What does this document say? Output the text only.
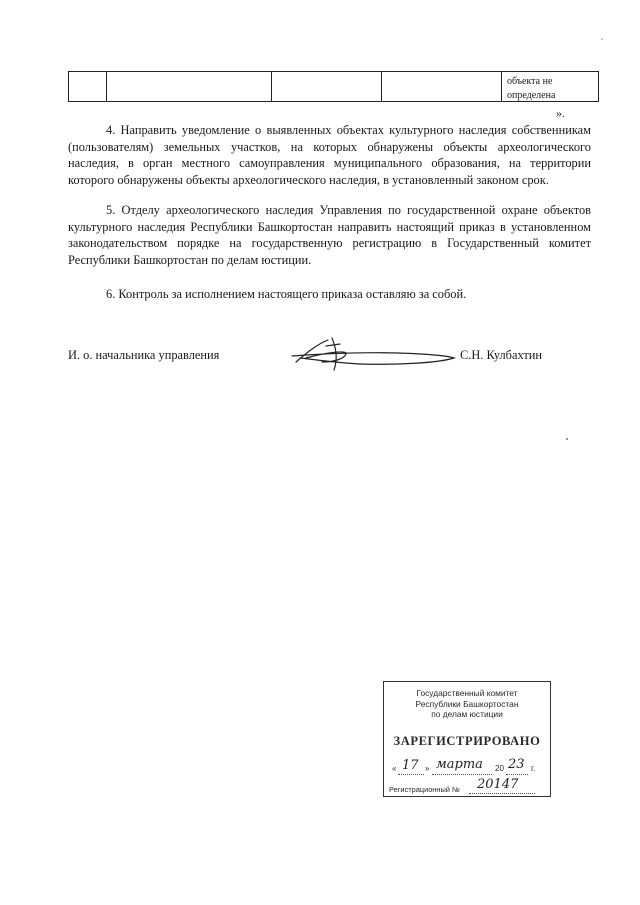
объекта не определена
».

4. Направить уведомление о выявленных объектах культурного наследия собственникам (пользователям) земельных участков, на которых обнаружены объекты археологического наследия, в орган местного самоуправления муниципального образования, на территории которого обнаружены объекты археологического наследия, в установленный законом срок.

5. Отделу археологического наследия Управления по государственной охране объектов культурного наследия Республики Башкортостан направить настоящий приказ в установленном законодательством порядке на государственную регистрацию в Государственный комитет Республики Башкортостан по делам юстиции.

6. Контроль за исполнением настоящего приказа оставляю за собой.

И. о. начальника управления	С.Н. Кулбахтин
Государственный комитет
Республики Башкортостан
по делам юстиции
ЗАРЕГИСТРИРОВАНО
« 17 » марта 20 23 г.
Регистрационный № 20147
